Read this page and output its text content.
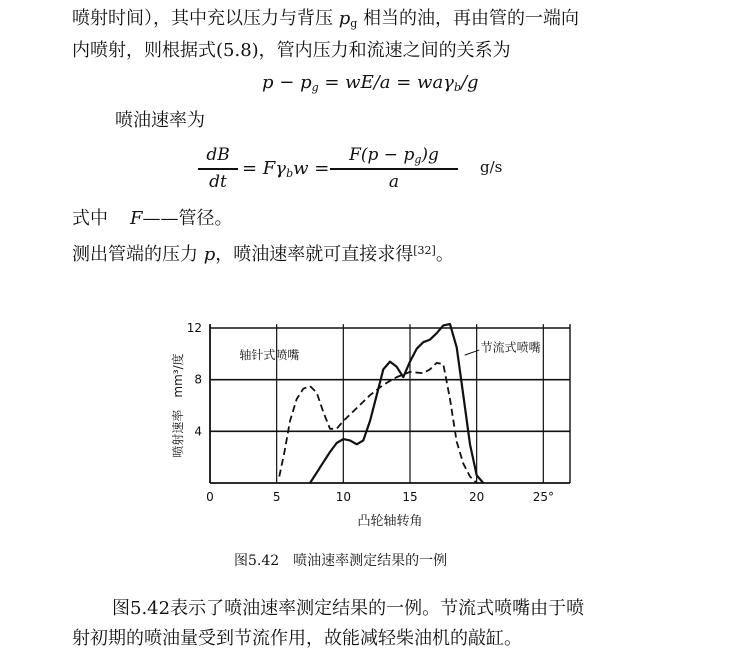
喷射时间），其中充以压力与背压 $p_g$ 相当的油，再由管的一端向
内喷射，则根据式(5.8)，管内压力和流速之间的关系为
$p - p_g = wE/a = wa\gamma_b/g$
喷油速率为
dB
dt
= $F\gamma_bw$ =
$F(p - p_g)g$
a
g/s
式中 F——管径。
测出管端的压力 p，喷油速率就可直接求得[32]。
4
8
12
0	5	10	15	20	25°
凸轮轴转角
喷射速率　mm³/度	轴针式喷嘴
节流式喷嘴
图5.42　喷油速率测定结果的一例
图5.42表示了喷油速率测定结果的一例。节流式喷嘴由于喷
射初期的喷油量受到节流作用，故能减轻柴油机的敲缸。
